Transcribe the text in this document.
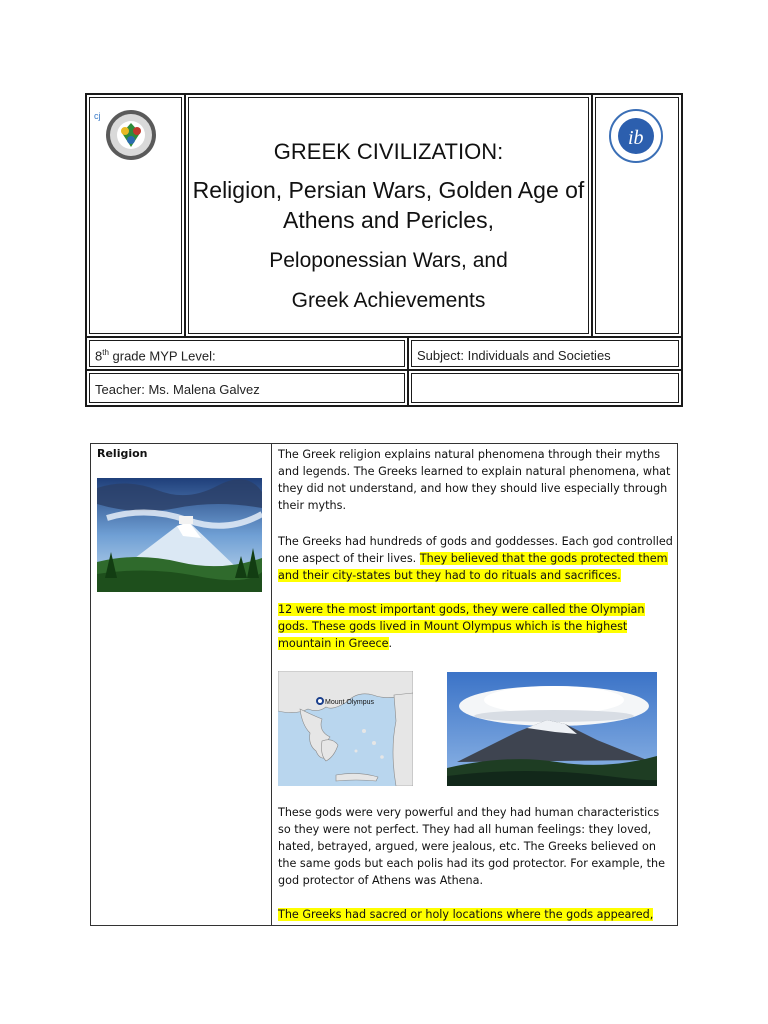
cj
GREEK CIVILIZATION:
Religion, Persian Wars, Golden Age of Athens and Pericles,
Peloponessian Wars, and
Greek Achievements
ib
8th grade MYP Level:	Subject: Individuals and Societies
Teacher: Ms. Malena Galvez
Religion	The Greek religion explains natural phenomena through their myths and legends. The Greeks learned to explain natural phenomena, what they did not understand, and how they should live especially through their myths.
The Greeks had hundreds of gods and goddesses. Each god controlled one aspect of their lives. They believed that the gods protected them and their city-states but they had to do rituals and sacrifices.
12 were the most important gods, they were called the Olympian gods. These gods lived in Mount Olympus which is the highest mountain in Greece.
Mount Olympus
These gods were very powerful and they had human characteristics so they were not perfect. They had all human feelings: they loved, hated, betrayed, argued, were jealous, etc. The Greeks believed on the same gods but each polis had its god protector. For example, the god protector of Athens was Athena.
The Greeks had sacred or holy locations where the gods appeared,
